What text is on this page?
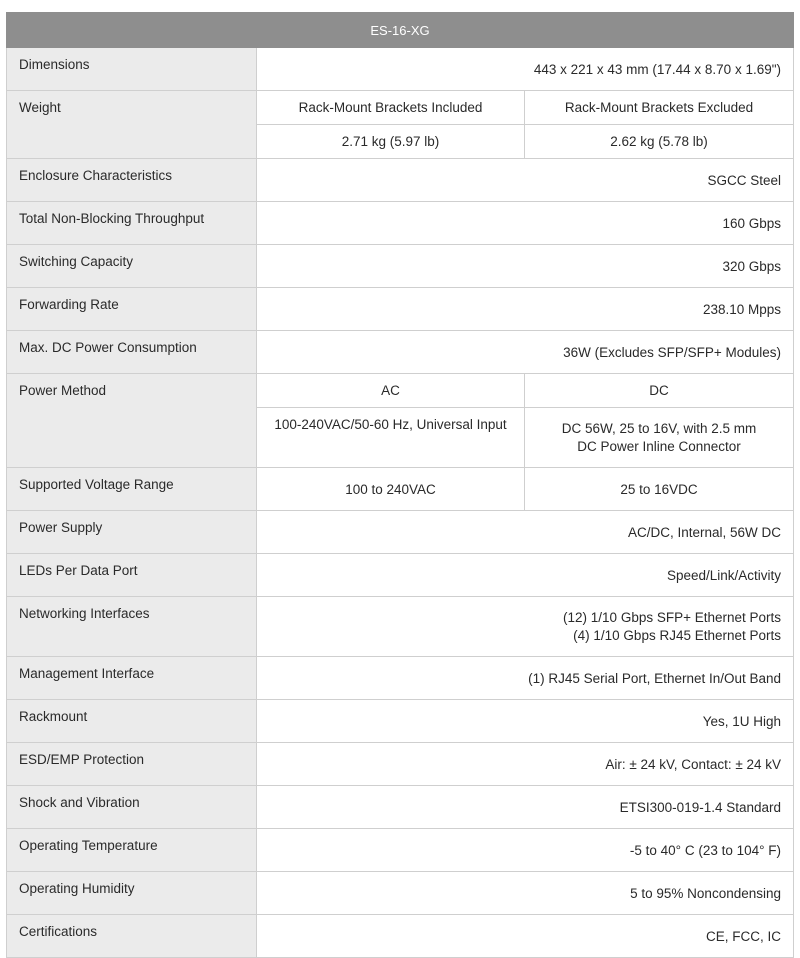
ES-16-XG		
Dimensions	443 x 221 x 43 mm (17.44 x 8.70 x 1.69")	
Weight	Rack-Mount Brackets Included	Rack-Mount Brackets Excluded
	2.71 kg (5.97 lb)	2.62 kg (5.78 lb)
Enclosure Characteristics	SGCC Steel	
Total Non-Blocking Throughput	160 Gbps	
Switching Capacity	320 Gbps	
Forwarding Rate	238.10 Mpps	
Max. DC Power Consumption	36W (Excludes SFP/SFP+ Modules)	
Power Method	AC	DC
	100-240VAC/50-60 Hz, Universal Input	DC 56W, 25 to 16V, with 2.5 mm
DC Power Inline Connector

Supported Voltage Range	100 to 240VAC	25 to 16VDC
Power Supply	AC/DC, Internal, 56W DC	
LEDs Per Data Port	Speed/Link/Activity	
Networking Interfaces	(12) 1/10 Gbps SFP+ Ethernet Ports
(4) 1/10 Gbps RJ45 Ethernet Ports	

Management Interface	(1) RJ45 Serial Port, Ethernet In/Out Band	
Rackmount	Yes, 1U High	
ESD/EMP Protection	Air: ± 24 kV, Contact: ± 24 kV	
Shock and Vibration	ETSI300-019-1.4 Standard	
Operating Temperature	-5 to 40° C (23 to 104° F)	
Operating Humidity	5 to 95% Noncondensing	
Certifications	CE, FCC, IC	
